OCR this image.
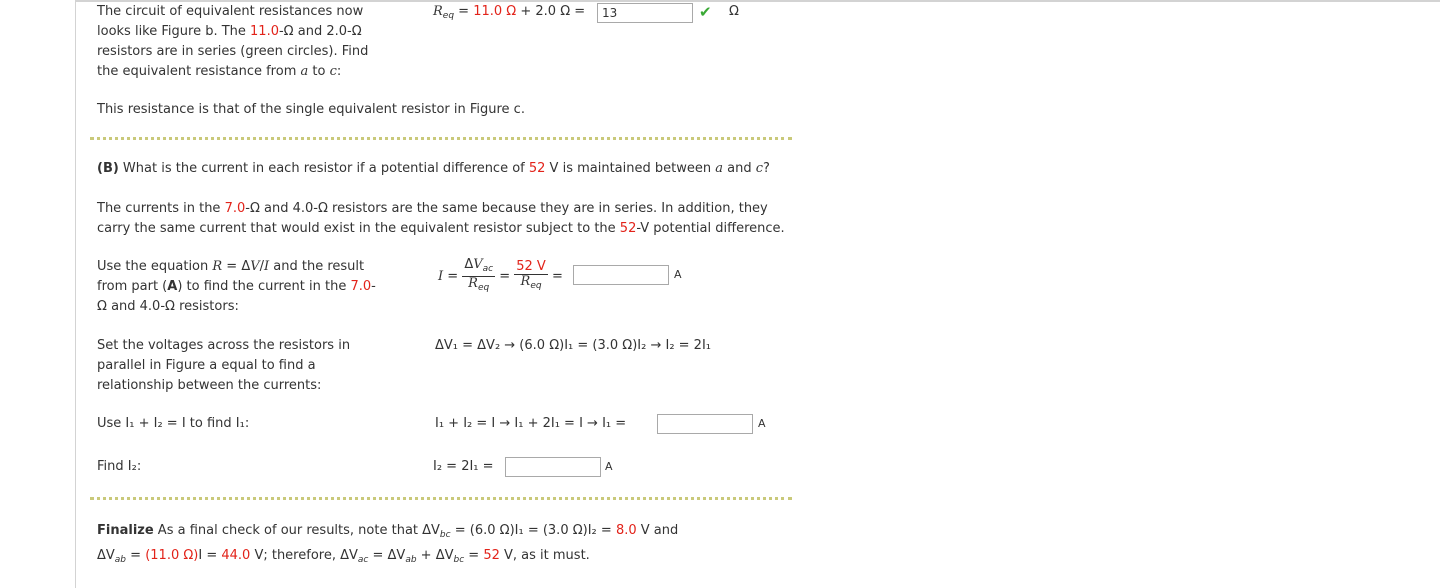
The circuit of equivalent resistances now looks like Figure b. The 11.0-Ω and 2.0-Ω resistors are in series (green circles). Find the equivalent resistance from a to c:
$R_{eq} = 11.0$ Ω + 2.0 Ω =
13	✔ Ω
This resistance is that of the single equivalent resistor in Figure c.
(B) What is the current in each resistor if a potential difference of 52 V is maintained between a and c?
The currents in the 7.0-Ω and 4.0-Ω resistors are the same because they are in series. In addition, they carry the same current that would exist in the equivalent resistor subject to the 52-V potential difference.
Use the equation R = ΔV/I and the result from part (A) to find the current in the 7.0-Ω and 4.0-Ω resistors:
$I = \frac{\Delta V_{ac}}{R_{eq}} = \frac{52 V}{R_{eq}}$ =	A
Set the voltages across the resistors in parallel in Figure a equal to find a relationship between the currents:
ΔV₁ = ΔV₂ → (6.0 Ω)I₁ = (3.0 Ω)I₂ → I₂ = 2I₁
Use I₁ + I₂ = I to find I₁:	I₁ + I₂ = I → I₁ + 2I₁ = I → I₁ =	A
Find I₂:	I₂ = 2I₁ =	A
Finalize As a final check of our results, note that $\Delta V_{bc} = (6.0$ Ω)I₁ = (3.0 Ω)I₂ = 8.0 V and
$\Delta V_{ab} = (11.0$ Ω)I = 44.0 V; therefore, $\Delta V_{ac} = \Delta V_{ab} + \Delta V_{bc} = 52$ V, as it must.
